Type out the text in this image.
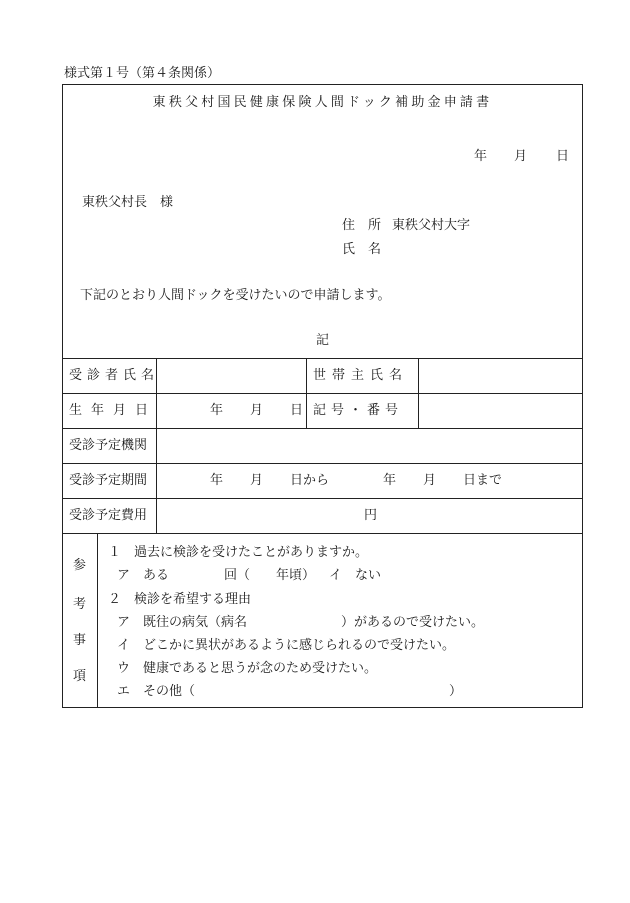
様式第１号（第４条関係）
東秩父村国民健康保険人間ドック補助金申請書
年 月 日
東秩父村長　様
住　所 東秩父村大字
氏　名
下記のとおり人間ドックを受けたいので申請します。
記
受診者氏名	世帯主氏名
生年月日	年 月 日 記号・番号
受診予定機関
受診予定期間	年 月 日から	年 月 日まで
受診予定費用	円
参
考
事
項
１　過去に検診を受けたことがありますか。
ア　ある	回（　　年頃） イ　ない
２　検診を希望する理由
ア　既往の病気（病名	）があるので受けたい。
イ　どこかに異状があるように感じられるので受けたい。
ウ　健康であると思うが念のため受けたい。
エ　その他（	）
